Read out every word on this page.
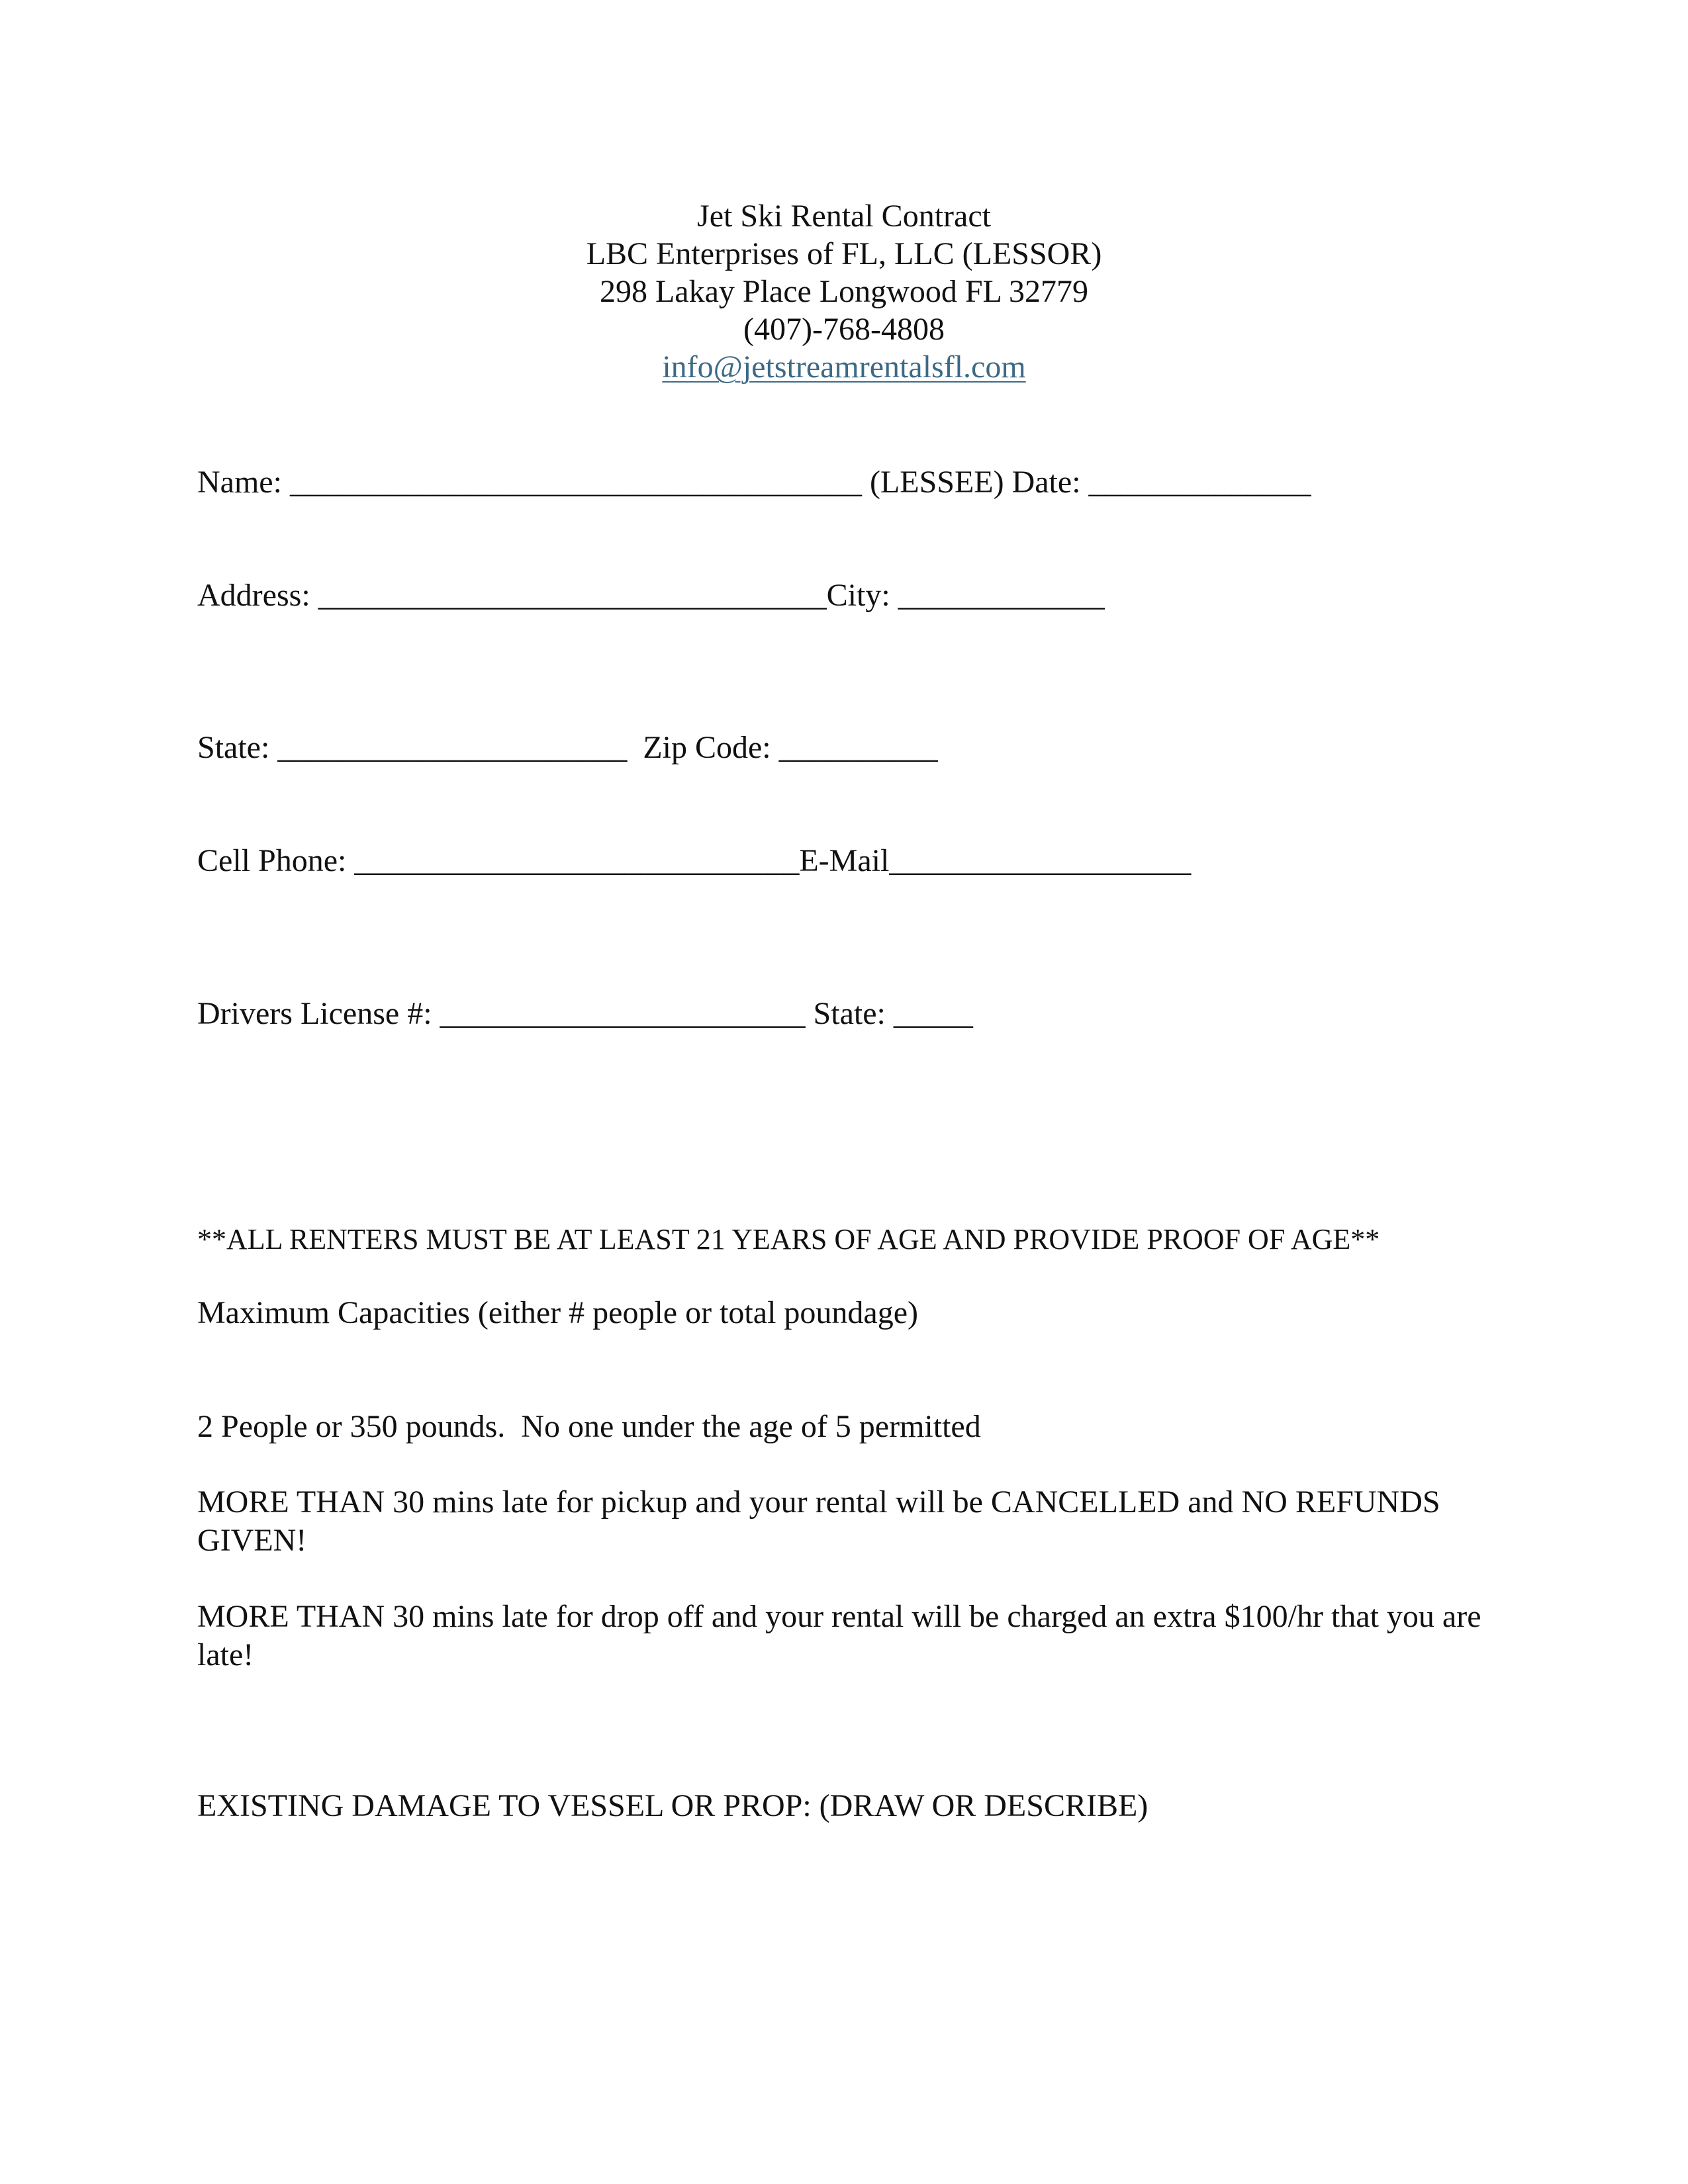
Jet Ski Rental Contract
LBC Enterprises of FL, LLC (LESSOR)
298 Lakay Place Longwood FL 32779
(407)-768-4808
info@jetstreamrentalsfl.com
Name: ____________________________________ (LESSEE) Date: ______________
Address: ________________________________City: _____________
State: ______________________  Zip Code: __________
Cell Phone: ____________________________E-Mail___________________
Drivers License #: _______________________ State: _____
**ALL RENTERS MUST BE AT LEAST 21 YEARS OF AGE AND PROVIDE PROOF OF AGE**
Maximum Capacities (either # people or total poundage)
2 People or 350 pounds.  No one under the age of 5 permitted
MORE THAN 30 mins late for pickup and your rental will be CANCELLED and NO REFUNDS GIVEN!
MORE THAN 30 mins late for drop off and your rental will be charged an extra $100/hr that you are late!
EXISTING DAMAGE TO VESSEL OR PROP: (DRAW OR DESCRIBE)
